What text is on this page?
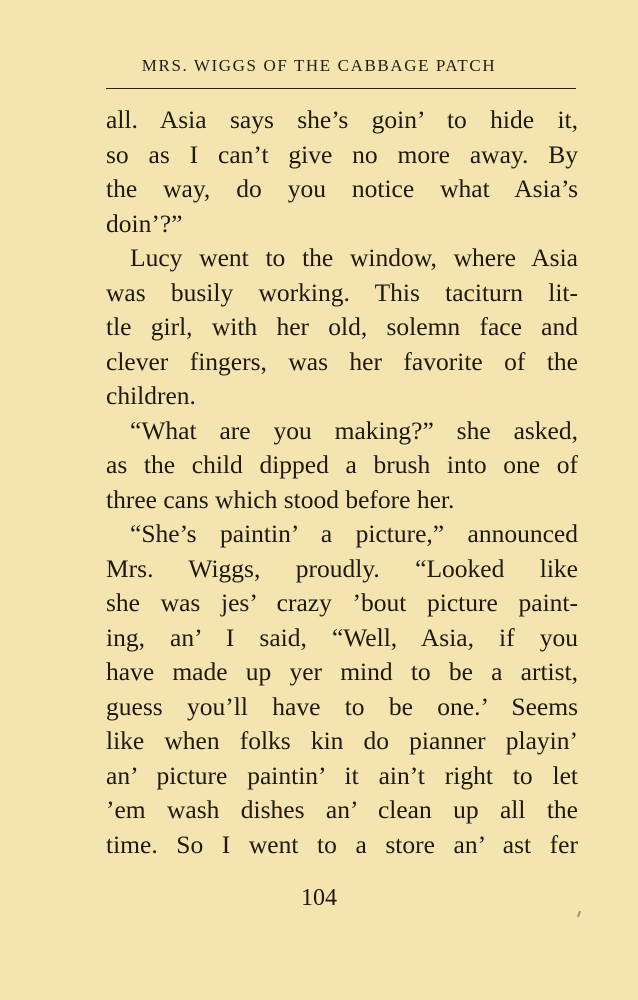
MRS. WIGGS OF THE CABBAGE PATCH
all. Asia says she’s goin’ to hide it,
so as I can’t give no more away. By
the way, do you notice what Asia’s
doin’?”
Lucy went to the window, where Asia
was busily working. This taciturn lit-
tle girl, with her old, solemn face and
clever fingers, was her favorite of the
children.
“What are you making?” she asked,
as the child dipped a brush into one of
three cans which stood before her.
“She’s paintin’ a picture,” announced
Mrs. Wiggs, proudly. “Looked like
she was jes’ crazy ’bout picture paint-
ing, an’ I said, “Well, Asia, if you
have made up yer mind to be a artist,
guess you’ll have to be one.’ Seems
like when folks kin do pianner playin’
an’ picture paintin’ it ain’t right to let
’em wash dishes an’ clean up all the
time. So I went to a store an’ ast fer
104
